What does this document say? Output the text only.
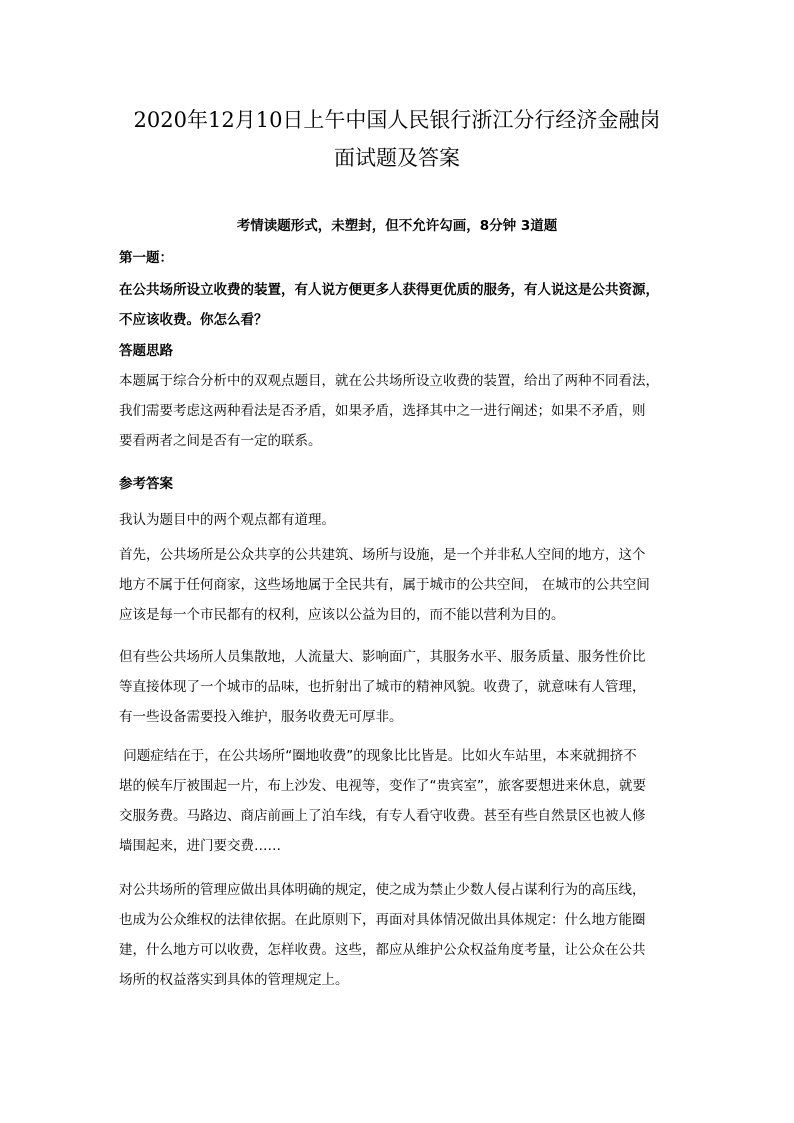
2020年12月10日上午中国人民银行浙江分行经济金融岗
面试题及答案
考情读题形式，未塑封，但不允许勾画，8分钟 3道题
第一题：
在公共场所设立收费的装置，有人说方便更多人获得更优质的服务，有人说这是公共资源，
不应该收费。你怎么看？
答题思路
本题属于综合分析中的双观点题目，就在公共场所设立收费的装置，给出了两种不同看法，
我们需要考虑这两种看法是否矛盾，如果矛盾，选择其中之一进行阐述；如果不矛盾，则
要看两者之间是否有一定的联系。
参考答案
我认为题目中的两个观点都有道理。
首先，公共场所是公众共享的公共建筑、场所与设施，是一个并非私人空间的地方，这个
地方不属于任何商家，这些场地属于全民共有，属于城市的公共空间， 在城市的公共空间
应该是每一个市民都有的权利，应该以公益为目的，而不能以营利为目的。
但有些公共场所人员集散地，人流量大、影响面广，其服务水平、服务质量、服务性价比
等直接体现了一个城市的品味，也折射出了城市的精神风貌。收费了，就意味有人管理，
有一些设备需要投入维护，服务收费无可厚非。
问题症结在于，在公共场所“圈地收费”的现象比比皆是。比如火车站里，本来就拥挤不
堪的候车厅被围起一片，布上沙发、电视等，变作了“贵宾室”，旅客要想进来休息，就要
交服务费。马路边、商店前画上了泊车线，有专人看守收费。甚至有些自然景区也被人修
墙围起来，进门要交费……
对公共场所的管理应做出具体明确的规定，使之成为禁止少数人侵占谋利行为的高压线，
也成为公众维权的法律依据。在此原则下，再面对具体情况做出具体规定：什么地方能圈
建，什么地方可以收费，怎样收费。这些，都应从维护公众权益角度考量，让公众在公共
场所的权益落实到具体的管理规定上。
